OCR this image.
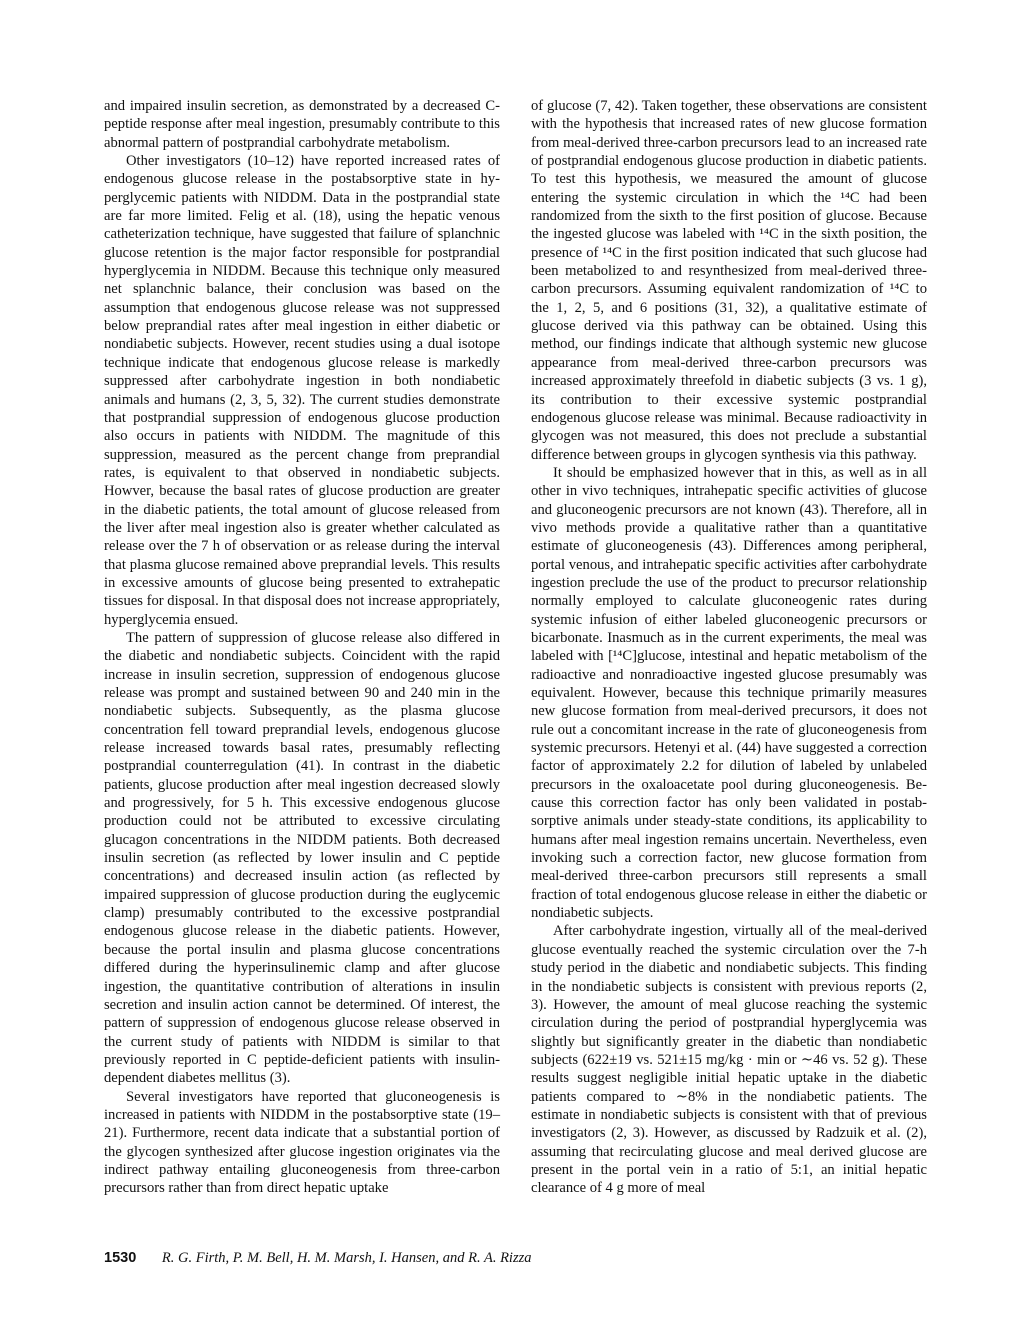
and impaired insulin secretion, as demonstrated by a decreased C-peptide response after meal ingestion, presumably contribute to this abnormal pattern of postprandial carbohydrate metabolism.

Other investigators (10–12) have reported increased rates of endogenous glucose release in the postabsorptive state in hyperglycemic patients with NIDDM. Data in the postprandial state are far more limited. Felig et al. (18), using the hepatic venous catheterization technique, have suggested that failure of splanchnic glucose retention is the major factor responsible for postprandial hyperglycemia in NIDDM. Because this technique only measured net splanchnic balance, their conclusion was based on the assumption that endogenous glucose release was not suppressed below preprandial rates after meal ingestion in either diabetic or nondiabetic subjects. However, recent studies using a dual isotope technique indicate that endogenous glucose release is markedly suppressed after carbohydrate ingestion in both nondiabetic animals and humans (2, 3, 5, 32). The current studies demonstrate that postprandial suppression of endogenous glucose production also occurs in patients with NIDDM. The magnitude of this suppression, measured as the percent change from preprandial rates, is equivalent to that observed in nondiabetic subjects. Howver, because the basal rates of glucose production are greater in the diabetic patients, the total amount of glucose released from the liver after meal ingestion also is greater whether calculated as release over the 7 h of observation or as release during the interval that plasma glucose remained above preprandial levels. This results in excessive amounts of glucose being presented to extrahepatic tissues for disposal. In that disposal does not increase appropriately, hyperglycemia ensued.

The pattern of suppression of glucose release also differed in the diabetic and nondiabetic subjects. Coincident with the rapid increase in insulin secretion, suppression of endogenous glucose release was prompt and sustained between 90 and 240 min in the nondiabetic subjects. Subsequently, as the plasma glucose concentration fell toward preprandial levels, endogenous glucose release increased towards basal rates, presumably reflecting postprandial counterregulation (41). In contrast in the diabetic patients, glucose production after meal ingestion decreased slowly and progressively, for 5 h. This excessive endogenous glucose production could not be attributed to excessive circulating glucagon concentrations in the NIDDM patients. Both decreased insulin secretion (as reflected by lower insulin and C peptide concentrations) and decreased insulin action (as reflected by impaired suppression of glucose production during the euglycemic clamp) presumably contributed to the excessive postprandial endogenous glucose release in the diabetic patients. However, because the portal insulin and plasma glucose concentrations differed during the hyperinsulinemic clamp and after glucose ingestion, the quantitative contribution of alterations in insulin secretion and insulin action cannot be determined. Of interest, the pattern of suppression of endogenous glucose release observed in the current study of patients with NIDDM is similar to that previously reported in C peptide-deficient patients with insulin-dependent diabetes mellitus (3).

Several investigators have reported that gluconeogenesis is increased in patients with NIDDM in the postabsorptive state (19–21). Furthermore, recent data indicate that a substantial portion of the glycogen synthesized after glucose ingestion originates via the indirect pathway entailing gluconeogenesis from three-carbon precursors rather than from direct hepatic uptake

of glucose (7, 42). Taken together, these observations are consistent with the hypothesis that increased rates of new glucose formation from meal-derived three-carbon precursors lead to an increased rate of postprandial endogenous glucose production in diabetic patients. To test this hypothesis, we measured the amount of glucose entering the systemic circulation in which the ¹⁴C had been randomized from the sixth to the first position of glucose. Because the ingested glucose was labeled with ¹⁴C in the sixth position, the presence of ¹⁴C in the first position indicated that such glucose had been metabolized to and resynthesized from meal-derived three-carbon precursors. Assuming equivalent randomization of ¹⁴C to the 1, 2, 5, and 6 positions (31, 32), a qualitative estimate of glucose derived via this pathway can be obtained. Using this method, our findings indicate that although systemic new glucose appearance from meal-derived three-carbon precursors was increased approximately threefold in diabetic subjects (3 vs. 1 g), its contribution to their excessive systemic postprandial endogenous glucose release was minimal. Because radioactivity in glycogen was not measured, this does not preclude a substantial difference between groups in glycogen synthesis via this pathway.

It should be emphasized however that in this, as well as in all other in vivo techniques, intrahepatic specific activities of glucose and gluconeogenic precursors are not known (43). Therefore, all in vivo methods provide a qualitative rather than a quantitative estimate of gluconeogenesis (43). Differences among peripheral, portal venous, and intrahepatic specific activities after carbohydrate ingestion preclude the use of the product to precursor relationship normally employed to calculate gluconeogenic rates during systemic infusion of either labeled gluconeogenic precursors or bicarbonate. Inasmuch as in the current experiments, the meal was labeled with [¹⁴C]glucose, intestinal and hepatic metabolism of the radioactive and nonradioactive ingested glucose presumably was equivalent. However, because this technique primarily measures new glucose formation from meal-derived precursors, it does not rule out a concomitant increase in the rate of gluconeogenesis from systemic precursors. Hetenyi et al. (44) have suggested a correction factor of approximately 2.2 for dilution of labeled by unlabeled precursors in the oxaloacetate pool during gluconeogenesis. Because this correction factor has only been validated in postabsorptive animals under steady-state conditions, its applicability to humans after meal ingestion remains uncertain. Nevertheless, even invoking such a correction factor, new glucose formation from meal-derived three-carbon precursors still represents a small fraction of total endogenous glucose release in either the diabetic or nondiabetic subjects.

After carbohydrate ingestion, virtually all of the meal-derived glucose eventually reached the systemic circulation over the 7-h study period in the diabetic and nondiabetic subjects. This finding in the nondiabetic subjects is consistent with previous reports (2, 3). However, the amount of meal glucose reaching the systemic circulation during the period of postprandial hyperglycemia was slightly but significantly greater in the diabetic than nondiabetic subjects (622±19 vs. 521±15 mg/kg · min or ∼46 vs. 52 g). These results suggest negligible initial hepatic uptake in the diabetic patients compared to ∼8% in the nondiabetic patients. The estimate in nondiabetic subjects is consistent with that of previous investigators (2, 3). However, as discussed by Radzuik et al. (2), assuming that recirculating glucose and meal derived glucose are present in the portal vein in a ratio of 5:1, an initial hepatic clearance of 4 g more of meal

1530 R. G. Firth, P. M. Bell, H. M. Marsh, I. Hansen, and R. A. Rizza
